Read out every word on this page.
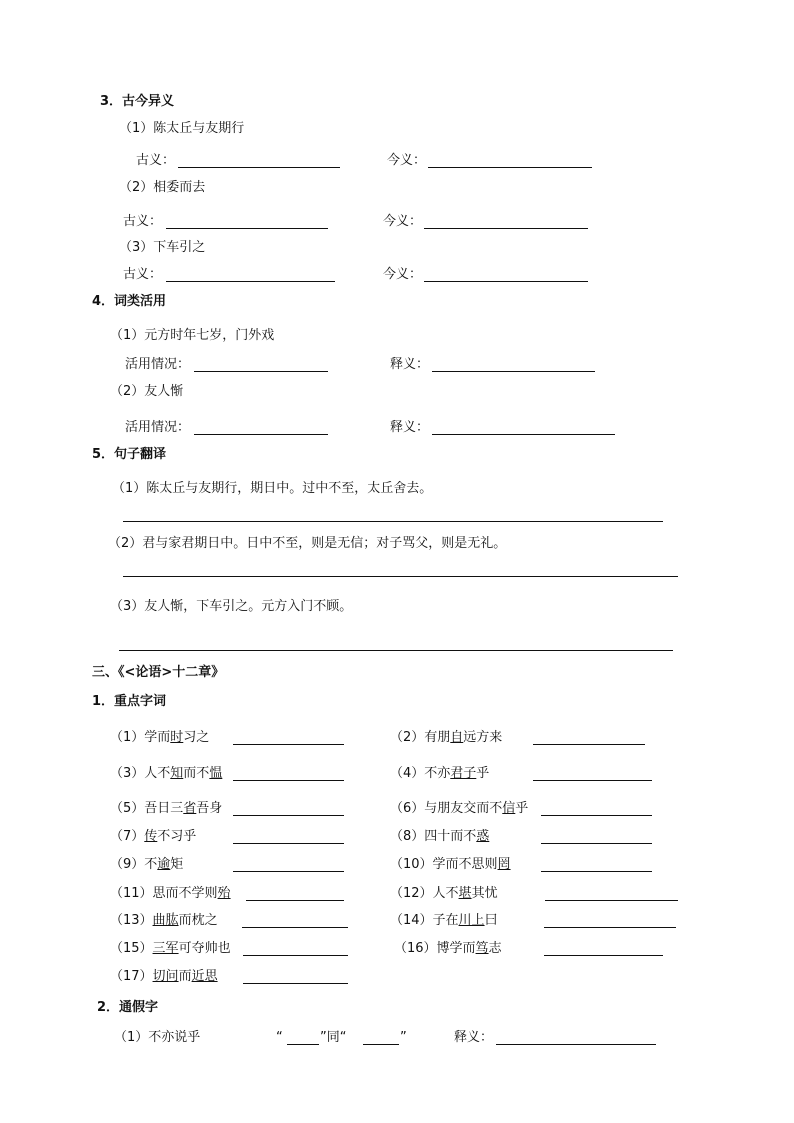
3．古今异义
（1）陈太丘与友期行
古义：	今义：
（2）相委而去
古义：	今义：
（3）下车引之
古义：	今义：
4．词类活用
（1）元方时年七岁，门外戏
活用情况：	释义：
（2）友人惭
活用情况：	释义：
5．句子翻译
（1）陈太丘与友期行，期日中。过中不至，太丘舍去。
（2）君与家君期日中。日中不至，则是无信；对子骂父，则是无礼。
（3）友人惭，下车引之。元方入门不顾。
三、《<论语>十二章》
1．重点字词
（1）学而时习之	（2）有朋自远方来
（3）人不知而不愠	（4）不亦君子乎
（5）吾日三省吾身	（6）与朋友交而不信乎
（7）传不习乎	（8）四十而不惑
（9）不逾矩	（10）学而不思则罔
（11）思而不学则殆	（12）人不堪其忧
（13）曲肱而枕之	（14）子在川上曰
（15）三军可夺帅也	（16）博学而笃志
（17）切问而近思
2．通假字
（1）不亦说乎	“	”同“	”	释义：
